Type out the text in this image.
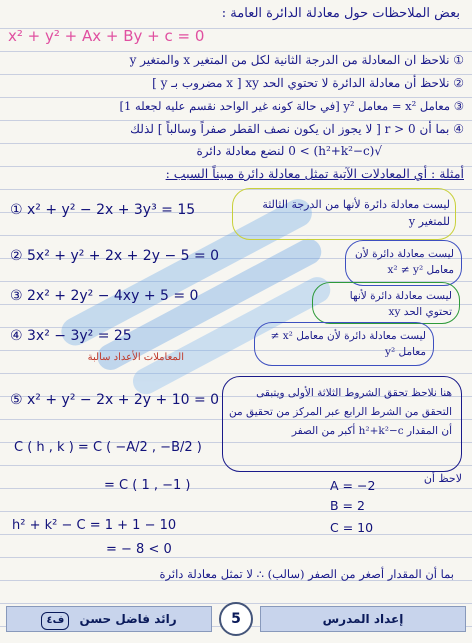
بعض الملاحظات حول معادلة الدائرة العامة :
x² + y² + Ax + By + c = 0
① نلاحظ ان المعادلة من الدرجة الثانية لكل من المتغير x والمتغير y
② نلاحظ أن معادلة الدائرة لا تحتوي الحد xy [ x مضروب بـ y ]
③ معامل x² = معامل y² [في حالة كونه غير الواحد نقسم عليه لجعله 1]
④ بما أن r > 0 [ لا يجوز ان يكون نصف القطر صفراً وسالباً ] لذلك
√(h²+k²−c) > 0 لنضع معادلة دائرة
أمثلة : أي المعادلات الآتية تمثل معادلة دائرة مبيناً السبب :
① x² + y² − 2x + 3y³ = 15	ليست معادلة دائرة لأنها من الدرجة الثالثة للمتغير y
② 5x² + y² + 2x + 2y − 5 = 0	ليست معادلة دائرة لأن معامل x² ≠ y²
③ 2x² + 2y² − 4xy + 5 = 0	ليست معادلة دائرة لأنها تحتوي الحد xy
④ 3x² − 3y² = 25
المعاملات الأعداد سالبة
ليست معادلة دائرة لأن معامل x² ≠ معامل y²
⑤ x² + y² − 2x + 2y + 10 = 0	هنا نلاحظ تحقق الشروط الثلاثة الأولى ويتبقى التحقق من الشرط الرابع عبر المركز من تحقيق من أن المقدار h²+k²−c أكبر من الصفر
C ( h , k ) = C ( −A/2 , −B/2 )
= C ( 1 , −1 )	لاحظ أن
A = −2
B = 2
C = 10
h² + k² − C = 1 + 1 − 10
= − 8 < 0
بما أن المقدار أصغر من الصفر (سالب) ∴ لا تمثل معادلة دائرة
ف٤ رائد فاضل حسن	5	إعداد المدرس
